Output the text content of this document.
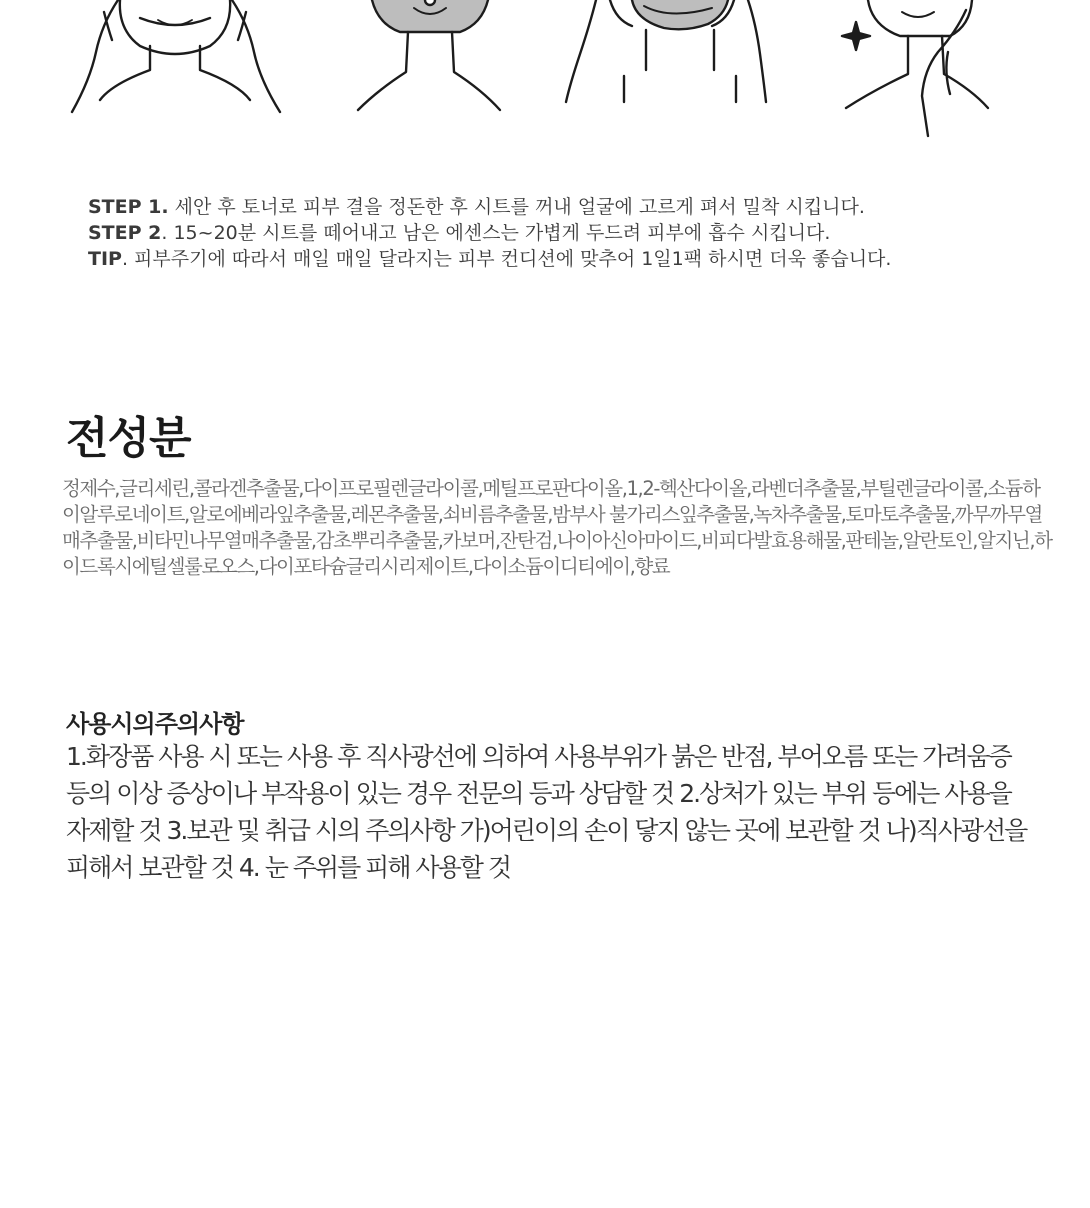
STEP 1. 세안 후 토너로 피부 결을 정돈한 후 시트를 꺼내 얼굴에 고르게 펴서 밀착 시킵니다.
STEP 2. 15~20분 시트를 떼어내고 남은 에센스는 가볍게 두드려 피부에 흡수 시킵니다.
TIP. 피부주기에 따라서 매일 매일 달라지는 피부 컨디션에 맞추어 1일1팩 하시면 더욱 좋습니다.
전성분
정제수,글리세린,콜라겐추출물,다이프로필렌글라이콜,메틸프로판다이올,1,2-헥산다이올,라벤더추출물,부틸렌글라이콜,소듐하이알루로네이트,알로에베라잎추출물,레몬추출물,쇠비름추출물,밤부사 불가리스잎추출물,녹차추출물,토마토추출물,까무까무열매추출물,비타민나무열매추출물,감초뿌리추출물,카보머,잔탄검,나이아신아마이드,비피다발효용해물,판테놀,알란토인,알지닌,하이드록시에틸셀룰로오스,다이포타슘글리시리제이트,다이소듐이디티에이,향료
사용시의주의사항
1.화장품 사용 시 또는 사용 후 직사광선에 의하여 사용부위가 붉은 반점, 부어오름 또는 가려움증 등의 이상 증상이나 부작용이 있는 경우 전문의 등과 상담할 것 2.상처가 있는 부위 등에는 사용을 자제할 것 3.보관 및 취급 시의 주의사항 가)어린이의 손이 닿지 않는 곳에 보관할 것 나)직사광선을 피해서 보관할 것 4. 눈 주위를 피해 사용할 것
